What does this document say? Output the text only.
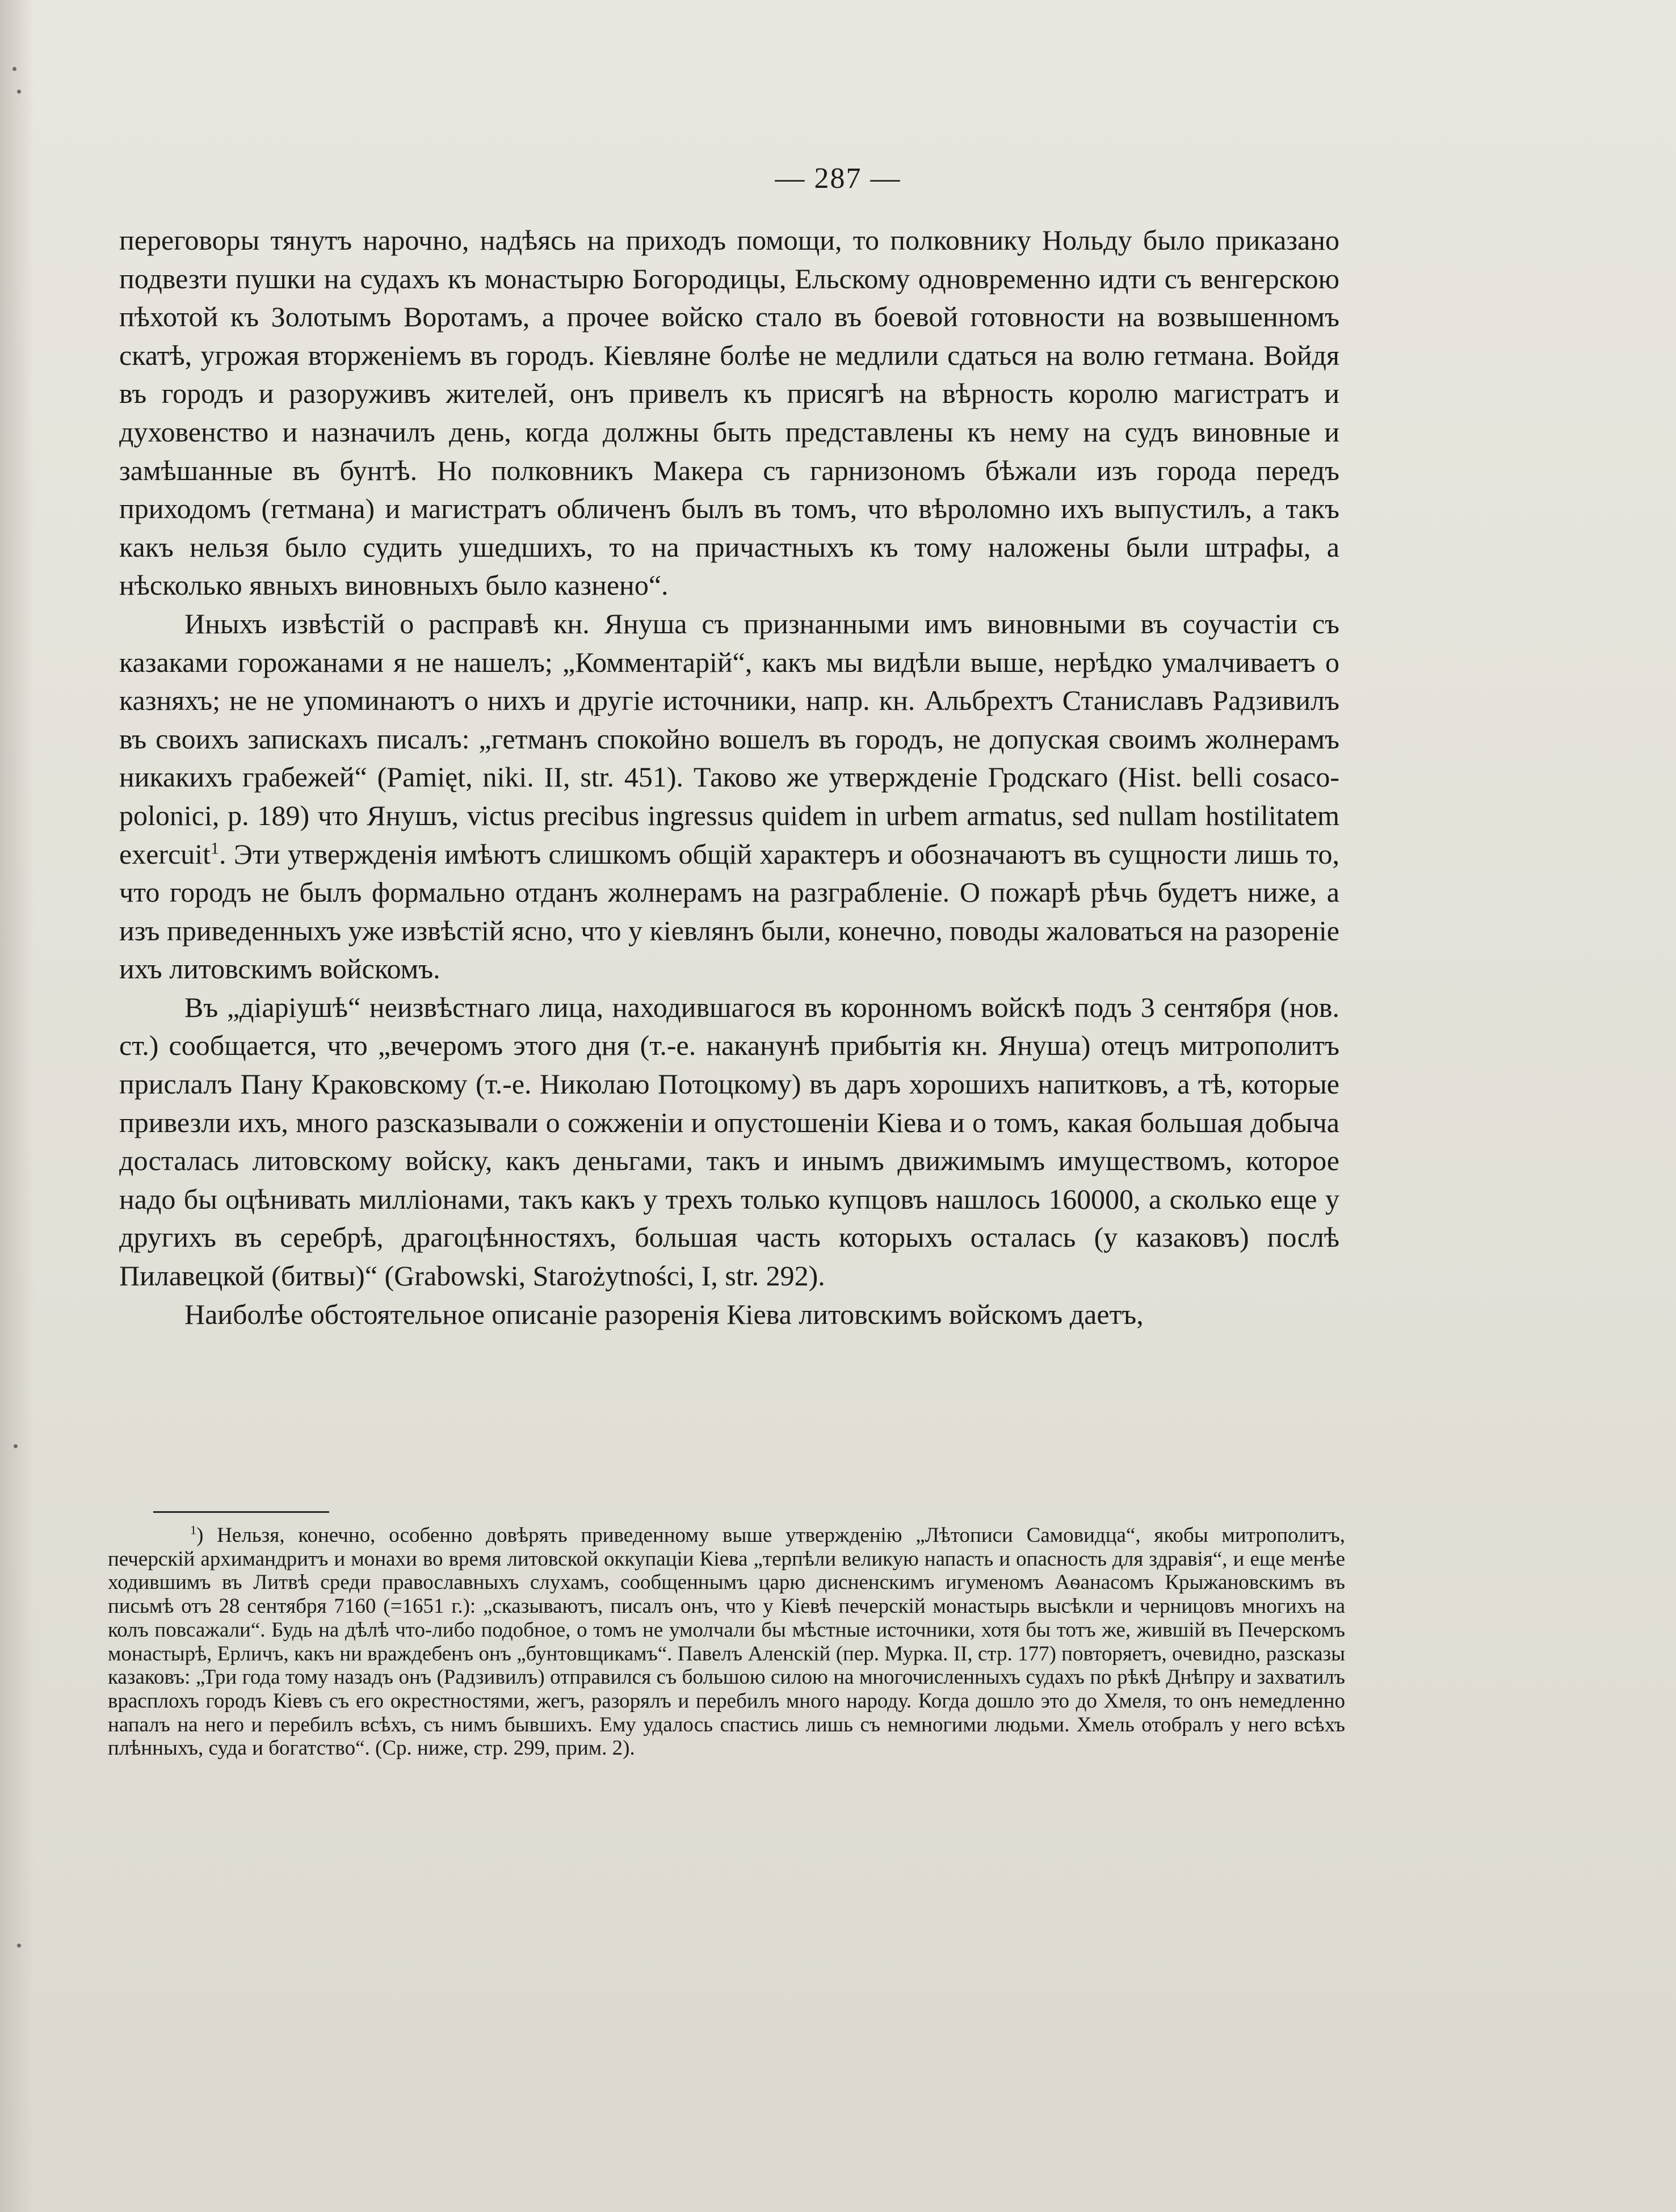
— 287 —

переговоры тянутъ нарочно, надѣясь на приходъ помощи, то полковнику Нольду было приказано подвезти пушки на судахъ къ монастырю Богородицы, Ельскому одновременно идти съ венгерскою пѣхотой къ Золотымъ Воротамъ, а прочее войско стало въ боевой готовности на возвышенномъ скатѣ, угрожая вторженіемъ въ городъ. Кіевляне болѣе не медлили сдаться на волю гетмана. Войдя въ городъ и разоруживъ жителей, онъ привелъ къ присягѣ на вѣрность королю магистратъ и духовенство и назначилъ день, когда должны быть представлены къ нему на судъ виновные и замѣшанные въ бунтѣ. Но полковникъ Макера съ гарнизономъ бѣжали изъ города передъ приходомъ (гетмана) и магистратъ обличенъ былъ въ томъ, что вѣроломно ихъ выпустилъ, а такъ какъ нельзя было судить ушедшихъ, то на причастныхъ къ тому наложены были штрафы, а нѣсколько явныхъ виновныхъ было казнено“.

Иныхъ извѣстій о расправѣ кн. Януша съ признанными имъ виновными въ соучастіи съ казаками горожанами я не нашелъ; „Комментарій“, какъ мы видѣли выше, нерѣдко умалчиваетъ о казняхъ; не не упоминаютъ о нихъ и другіе источники, напр. кн. Альбрехтъ Станиславъ Радзивилъ въ своихъ запискахъ писалъ: „гетманъ спокойно вошелъ въ городъ, не допуская своимъ жолнерамъ никакихъ грабежей“ (Pamięt, niki. II, str. 451). Таково же утвержденіе Гродскаго (Hist. belli cosaco-polonici, p. 189) что Янушъ, victus precibus ingressus quidem in urbem armatus, sed nullam hostilitatem exercuit$^1$. Эти утвержденія имѣютъ слишкомъ общій характеръ и обозначаютъ въ сущности лишь то, что городъ не былъ формально отданъ жолнерамъ на разграбленіе. О пожарѣ рѣчь будетъ ниже, а изъ приведенныхъ уже извѣстій ясно, что у кіевлянъ были, конечно, поводы жаловаться на разореніе ихъ литовскимъ войскомъ.

Въ „діаріушѣ“ неизвѣстнаго лица, находившагося въ коронномъ войскѣ подъ 3 сентября (нов. ст.) сообщается, что „вечеромъ этого дня (т.-е. наканунѣ прибытія кн. Януша) отецъ митрополитъ прислалъ Пану Краковскому (т.-е. Николаю Потоцкому) въ даръ хорошихъ напитковъ, а тѣ, которые привезли ихъ, много разсказывали о сожженіи и опустошеніи Кіева и о томъ, какая большая добыча досталась литовскому войску, какъ деньгами, такъ и инымъ движимымъ имуществомъ, которое надо бы оцѣнивать милліонами, такъ какъ у трехъ только купцовъ нашлось 160000, а сколько еще у другихъ въ серебрѣ, драгоцѣнностяхъ, большая часть которыхъ осталась (у казаковъ) послѣ Пилавецкой (битвы)“ (Grabowski, Starożytności, I, str. 292).

Наиболѣе обстоятельное описаніе разоренія Кіева литовскимъ войскомъ даетъ,

$^1$) Нельзя, конечно, особенно довѣрять приведенному выше утвержденію „Лѣтописи Самовидца“, якобы митрополитъ, печерскій архимандритъ и монахи во время литовской оккупаціи Кіева „терпѣли великую напасть и опасность для здравія“, и еще менѣе ходившимъ въ Литвѣ среди православныхъ слухамъ, сообщеннымъ царю дисненскимъ игуменомъ Аѳанасомъ Крыжановскимъ въ письмѣ отъ 28 сентября 7160 (=1651 г.): „сказываютъ, писалъ онъ, что у Кіевѣ печерскій монастырь высѣкли и черницовъ многихъ на колъ повсажали“. Будь на дѣлѣ что-либо подобное, о томъ не умолчали бы мѣстные источники, хотя бы тотъ же, жившій въ Печерскомъ монастырѣ, Ерличъ, какъ ни враждебенъ онъ „бунтовщикамъ“. Павелъ Аленскій (пер. Мурка. II, стр. 177) повторяетъ, очевидно, разсказы казаковъ: „Три года тому назадъ онъ (Радзивилъ) отправился съ большою силою на многочисленныхъ судахъ по рѣкѣ Днѣпру и захватилъ врасплохъ городъ Кіевъ съ его окрестностями, жегъ, разорялъ и перебилъ много народу. Когда дошло это до Хмеля, то онъ немедленно напалъ на него и перебилъ всѣхъ, съ нимъ бывшихъ. Ему удалось спастись лишь съ немногими людьми. Хмель отобралъ у него всѣхъ плѣнныхъ, суда и богатство“. (Ср. ниже, стр. 299, прим. 2).
